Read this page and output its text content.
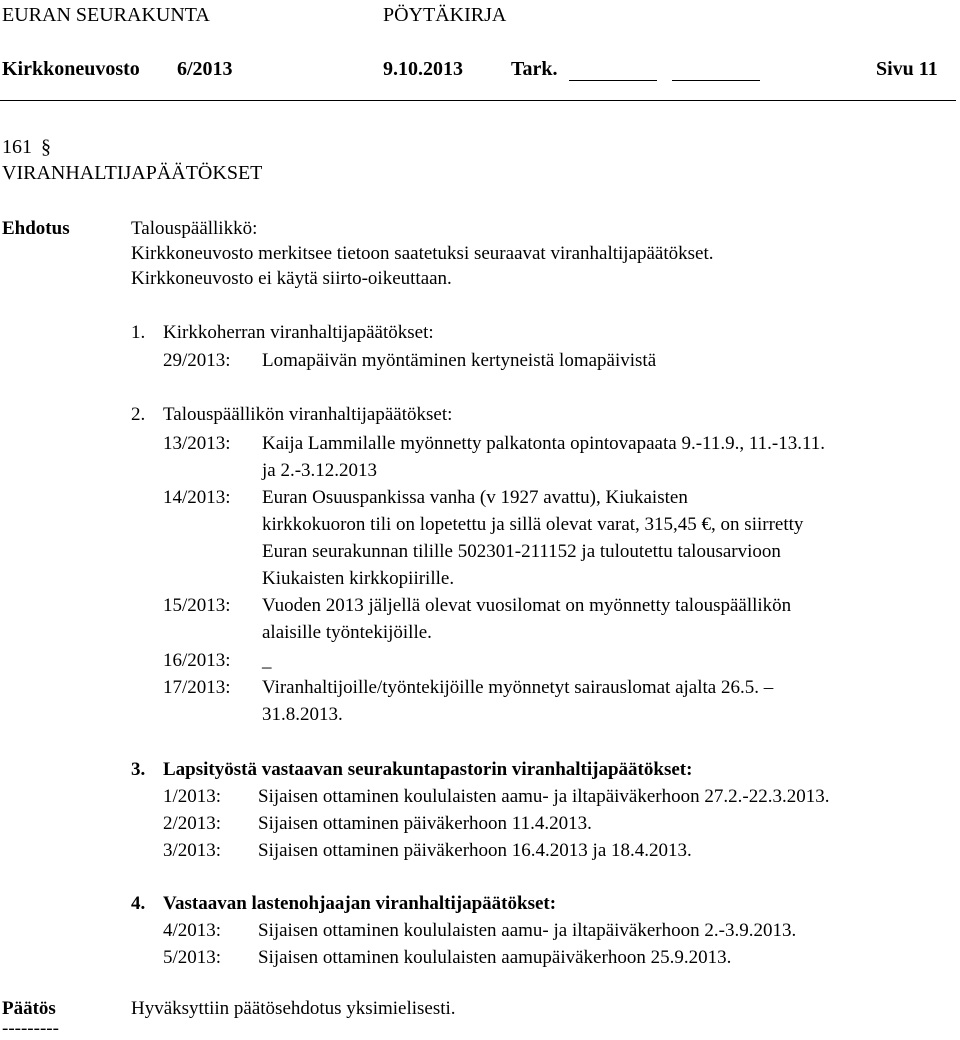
EURAN SEURAKUNTA	PÖYTÄKIRJA
Kirkkoneuvosto 6/2013	9.10.2013 Tark.	Sivu 11
161 §
VIRANHALTIJAPÄÄTÖKSET
Ehdotus	Talouspäällikkö:
Kirkkoneuvosto merkitsee tietoon saatetuksi seuraavat viranhaltijapäätökset.
Kirkkoneuvosto ei käytä siirto-oikeuttaan.
1. Kirkkoherran viranhaltijapäätökset:
29/2013: Lomapäivän myöntäminen kertyneistä lomapäivistä
2. Talouspäällikön viranhaltijapäätökset:
13/2013: Kaija Lammilalle myönnetty palkatonta opintovapaata 9.-11.9., 11.-13.11.
ja 2.-3.12.2013
14/2013: Euran Osuuspankissa vanha (v 1927 avattu), Kiukaisten
kirkkokuoron tili on lopetettu ja sillä olevat varat, 315,45 €, on siirretty
Euran seurakunnan tilille 502301-211152 ja tuloutettu talousarvioon
Kiukaisten kirkkopiirille.
15/2013: Vuoden 2013 jäljellä olevat vuosilomat on myönnetty talouspäällikön
alaisille työntekijöille.
16/2013: _
17/2013: Viranhaltijoille/työntekijöille myönnetyt sairauslomat ajalta 26.5. –
31.8.2013.
3. Lapsityöstä vastaavan seurakuntapastorin viranhaltijapäätökset:
1/2013: Sijaisen ottaminen koululaisten aamu- ja iltapäiväkerhoon 27.2.-22.3.2013.
2/2013: Sijaisen ottaminen päiväkerhoon 11.4.2013.
3/2013: Sijaisen ottaminen päiväkerhoon 16.4.2013 ja 18.4.2013.
4. Vastaavan lastenohjaajan viranhaltijapäätökset:
4/2013: Sijaisen ottaminen koululaisten aamu- ja iltapäiväkerhoon 2.-3.9.2013.
5/2013: Sijaisen ottaminen koululaisten aamupäiväkerhoon 25.9.2013.
Päätös	Hyväksyttiin päätösehdotus yksimielisesti.
---------
